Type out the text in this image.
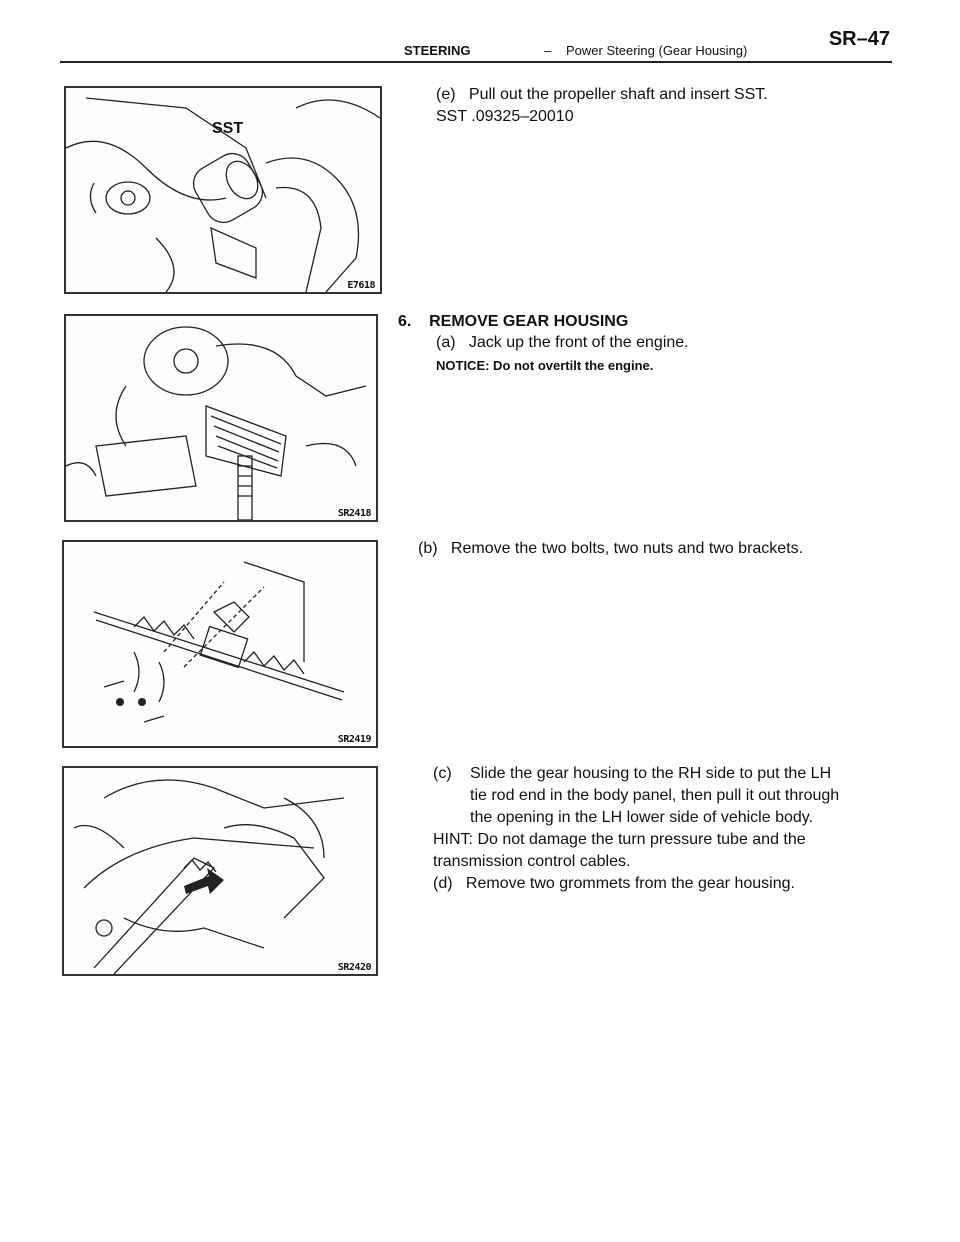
STEERING	– Power Steering (Gear Housing)
SR–47
E7618
SST
SR2418
SR2419
SR2420
(e) Pull out the propeller shaft and insert SST.
SST .09325–20010
6. REMOVE GEAR HOUSING
(a) Jack up the front of the engine.
NOTICE: Do not overtilt the engine.
(b) Remove the two bolts, two nuts and two brackets.
(c) Slide the gear housing to the RH side to put the LH
tie rod end in the body panel, then pull it out through
the opening in the LH lower side of vehicle body.
HINT: Do not damage the turn pressure tube and the
transmission control cables.
(d) Remove two grommets from the gear housing.
